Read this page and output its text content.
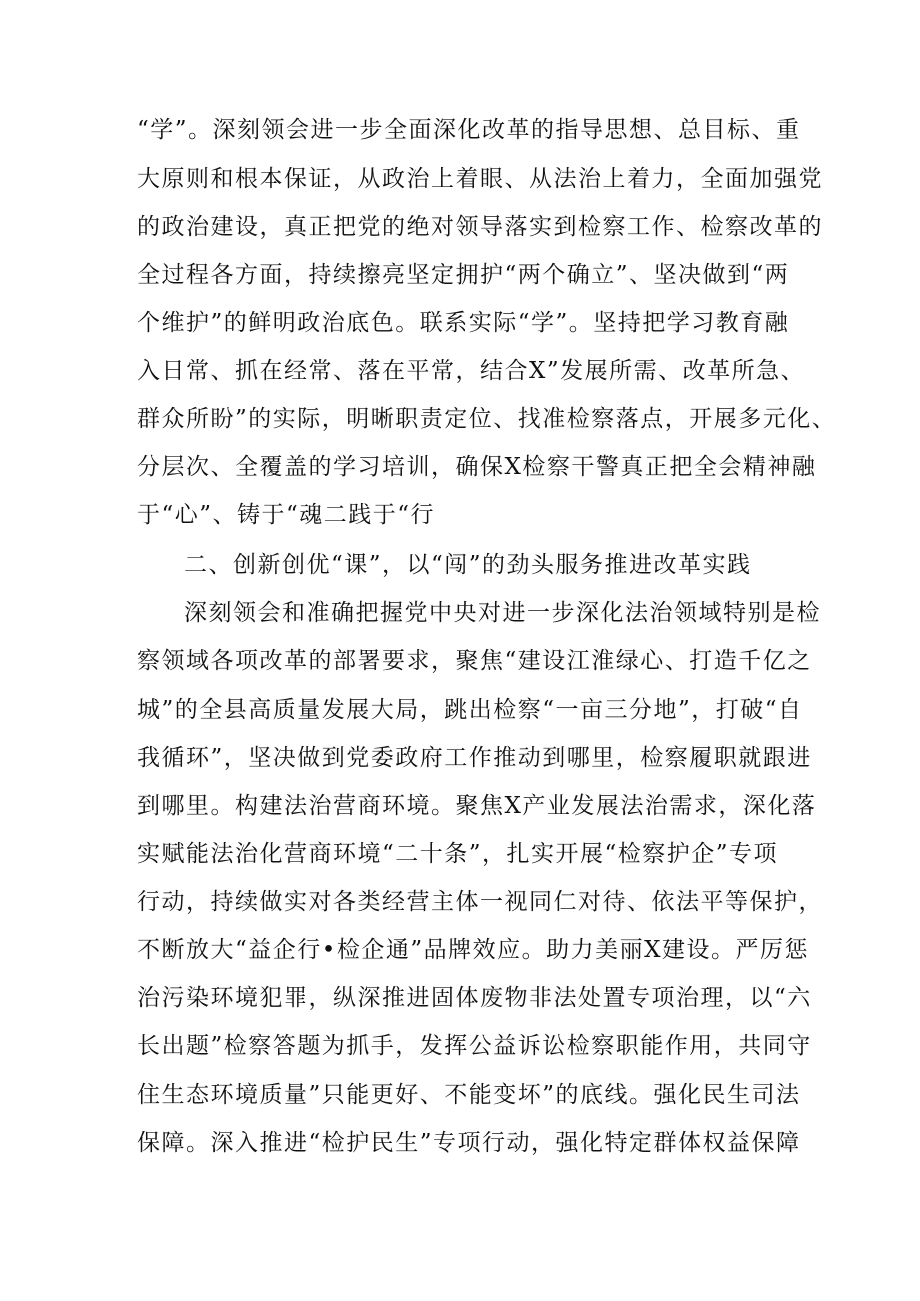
“学”。深刻领会进一步全面深化改革的指导思想、总目标、重
大原则和根本保证，从政治上着眼、从法治上着力，全面加强党
的政治建设，真正把党的绝对领导落实到检察工作、检察改革的
全过程各方面，持续擦亮坚定拥护“两个确立”、坚决做到“两
个维护”的鲜明政治底色。联系实际“学”。坚持把学习教育融
入日常、抓在经常、落在平常，结合X”发展所需、改革所急、
群众所盼”的实际，明晰职责定位、找准检察落点，开展多元化、
分层次、全覆盖的学习培训，确保X检察干警真正把全会精神融
于“心”、铸于“魂二践于“行
二、创新创优“课”，以“闯”的劲头服务推进改革实践
深刻领会和准确把握党中央对进一步深化法治领域特别是检
察领域各项改革的部署要求，聚焦“建设江淮绿心、打造千亿之
城”的全县高质量发展大局，跳出检察“一亩三分地”，打破“自
我循环”，坚决做到党委政府工作推动到哪里，检察履职就跟进
到哪里。构建法治营商环境。聚焦X产业发展法治需求，深化落
实赋能法治化营商环境“二十条”，扎实开展“检察护企”专项
行动，持续做实对各类经营主体一视同仁对待、依法平等保护，
不断放大“益企行•检企通”品牌效应。助力美丽X建设。严厉惩
治污染环境犯罪，纵深推进固体废物非法处置专项治理，以“六
长出题”检察答题为抓手，发挥公益诉讼检察职能作用，共同守
住生态环境质量”只能更好、不能变坏”的底线。强化民生司法
保障。深入推进“检护民生”专项行动，强化特定群体权益保障
